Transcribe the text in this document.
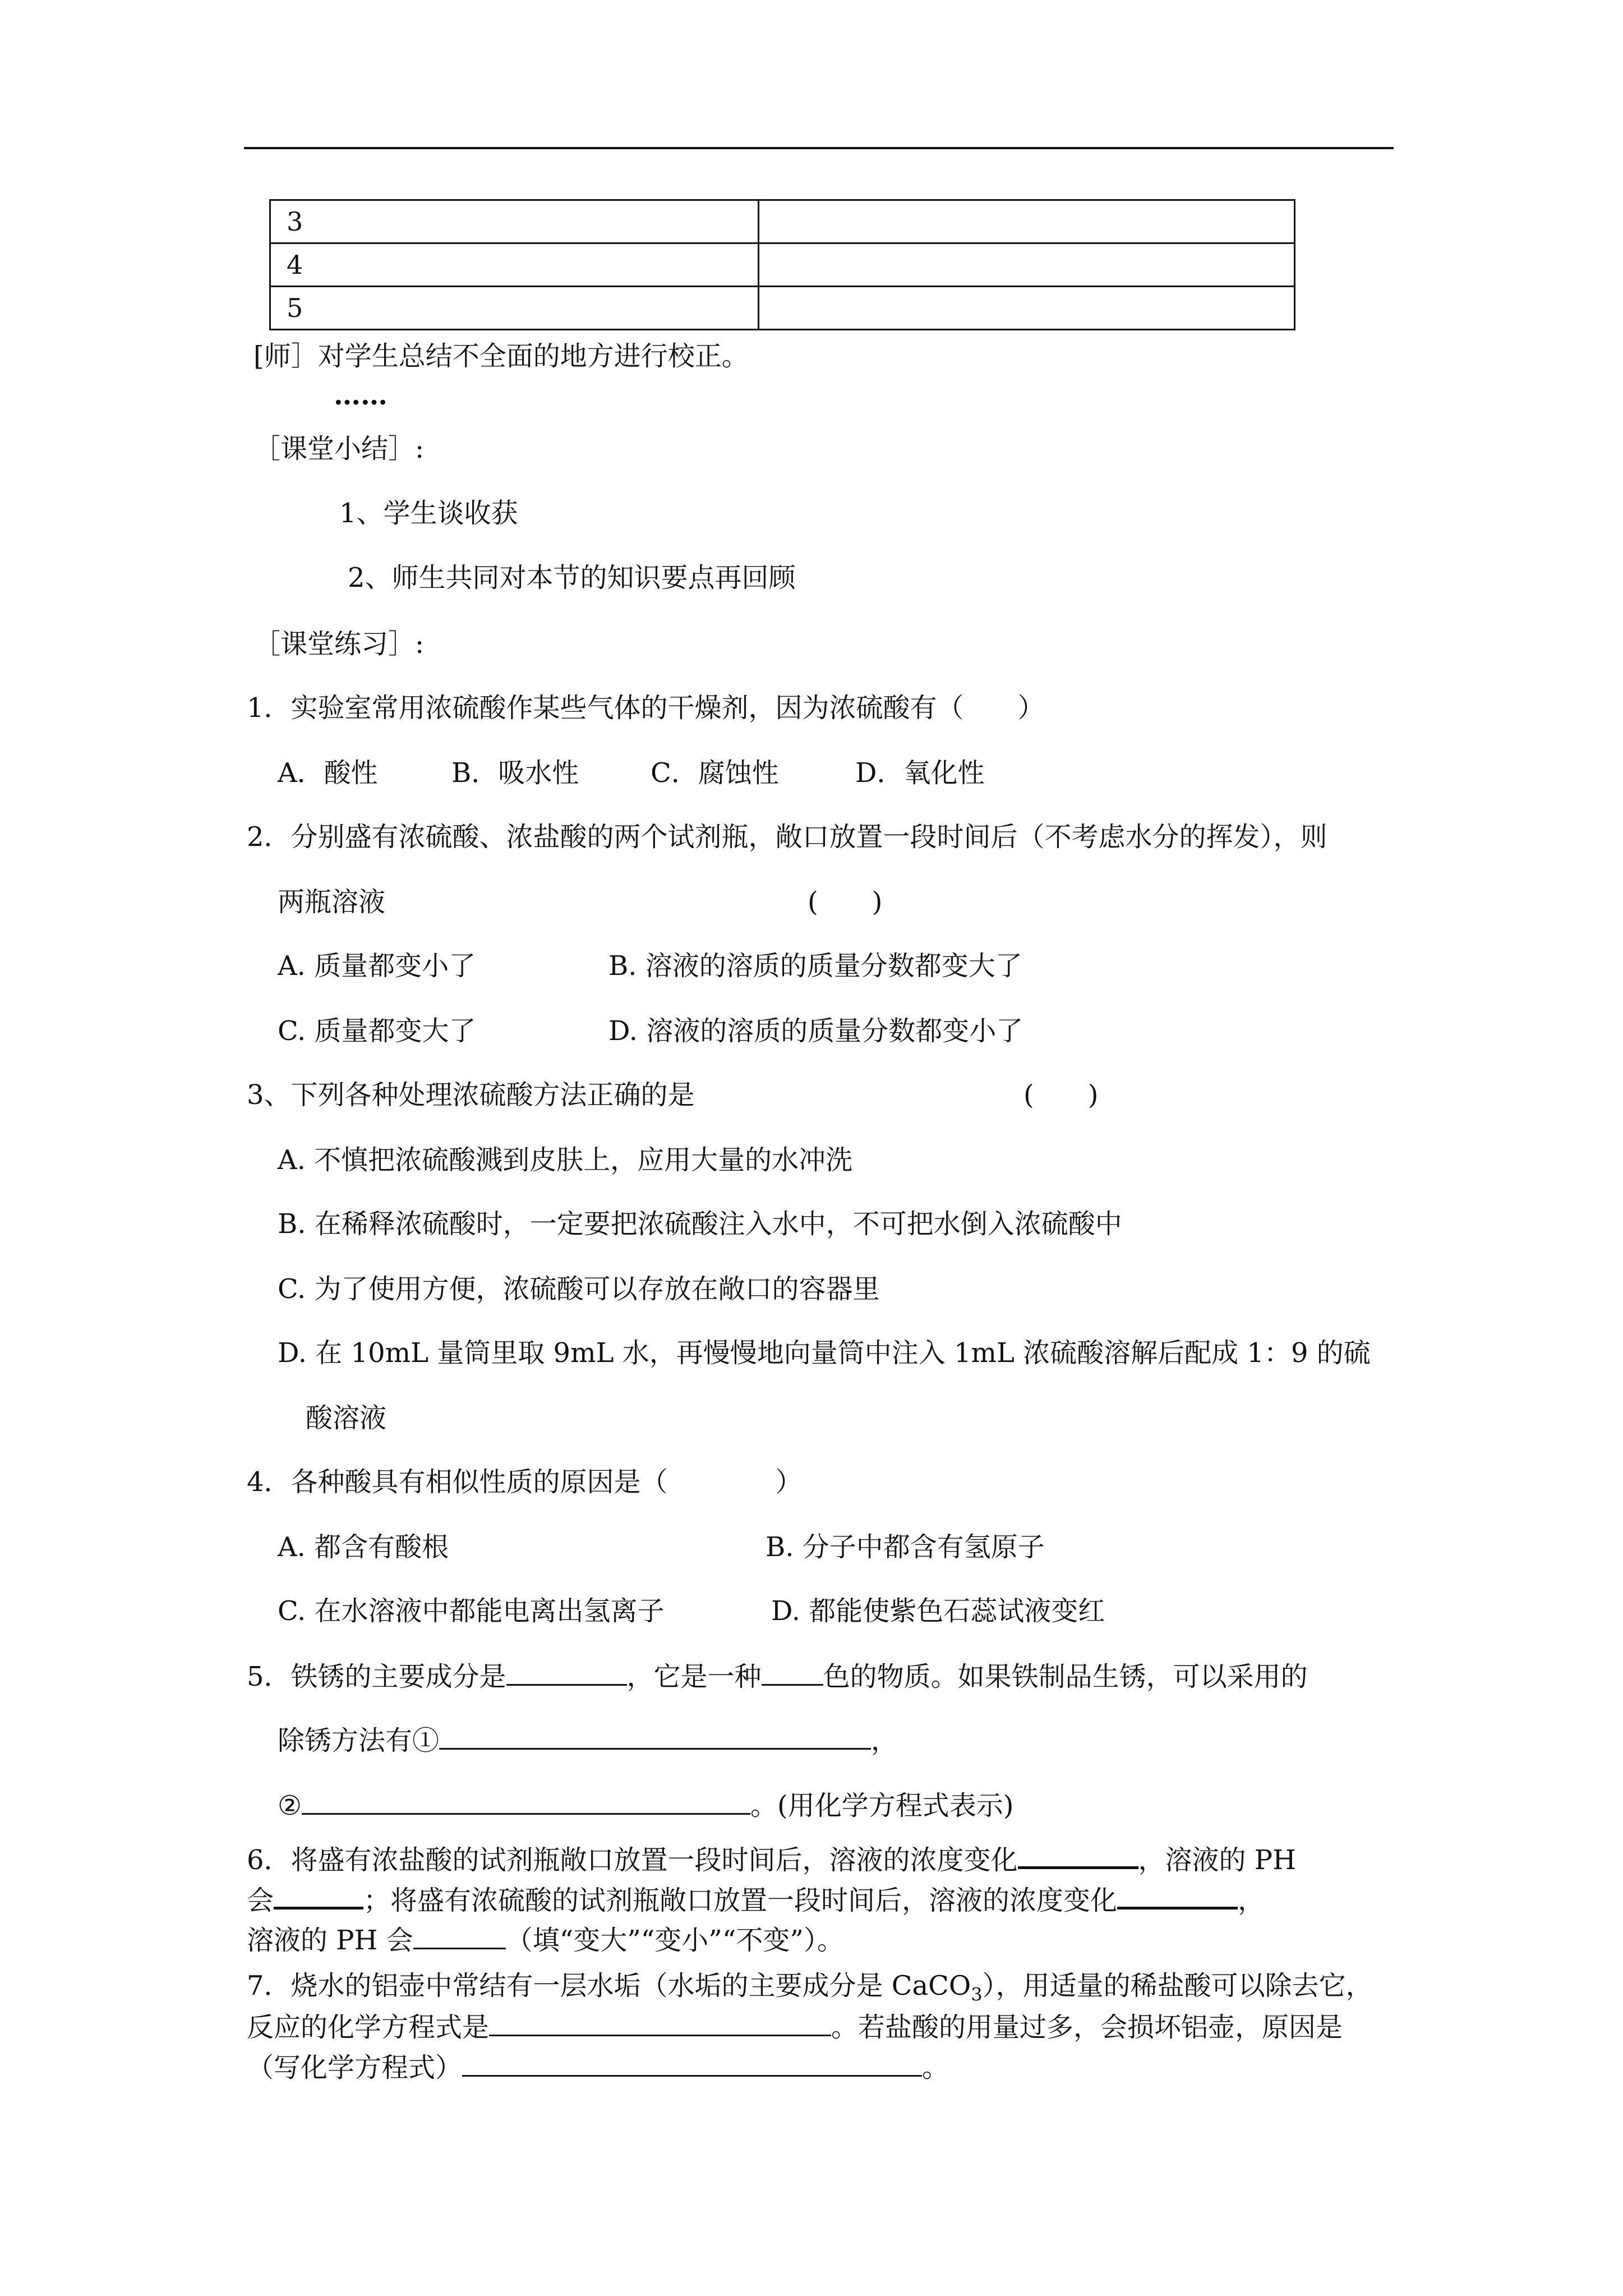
3	
4	
5	
[师］对学生总结不全面的地方进行校正。
……
［课堂小结］:
1、学生谈收获
2、师生共同对本节的知识要点再回顾
［课堂练习］:
1．实验室常用浓硫酸作某些气体的干燥剂，因为浓硫酸有（　　）
A．酸性	B．吸水性	C．腐蚀性	D．氧化性
2．分别盛有浓硫酸、浓盐酸的两个试剂瓶，敞口放置一段时间后（不考虑水分的挥发），则
两瓶溶液	(　　)
A. 质量都变小了	B. 溶液的溶质的质量分数都变大了
C. 质量都变大了	D. 溶液的溶质的质量分数都变小了
3、下列各种处理浓硫酸方法正确的是	(　　)
A. 不慎把浓硫酸溅到皮肤上，应用大量的水冲洗
B. 在稀释浓硫酸时，一定要把浓硫酸注入水中，不可把水倒入浓硫酸中
C. 为了使用方便，浓硫酸可以存放在敞口的容器里
D. 在 10mL 量筒里取 9mL 水，再慢慢地向量筒中注入 1mL 浓硫酸溶解后配成 1：9 的硫
酸溶液
4．各种酸具有相似性质的原因是（　　　　）
A. 都含有酸根	B. 分子中都含有氢原子
C. 在水溶液中都能电离出氢离子	D. 都能使紫色石蕊试液变红
5．铁锈的主要成分是	，它是一种 色的物质。如果铁制品生锈，可以采用的
除锈方法有①	，
②	。(用化学方程式表示)
6．将盛有浓盐酸的试剂瓶敞口放置一段时间后，溶液的浓度变化	，溶液的 PH
会	；将盛有浓硫酸的试剂瓶敞口放置一段时间后，溶液的浓度变化	，
溶液的 PH 会	（填“变大”“变小”“不变”）。
7．烧水的铝壶中常结有一层水垢（水垢的主要成分是 CaCO$_3$），用适量的稀盐酸可以除去它，
反应的化学方程式是	。若盐酸的用量过多，会损坏铝壶，原因是
（写化学方程式）	。
